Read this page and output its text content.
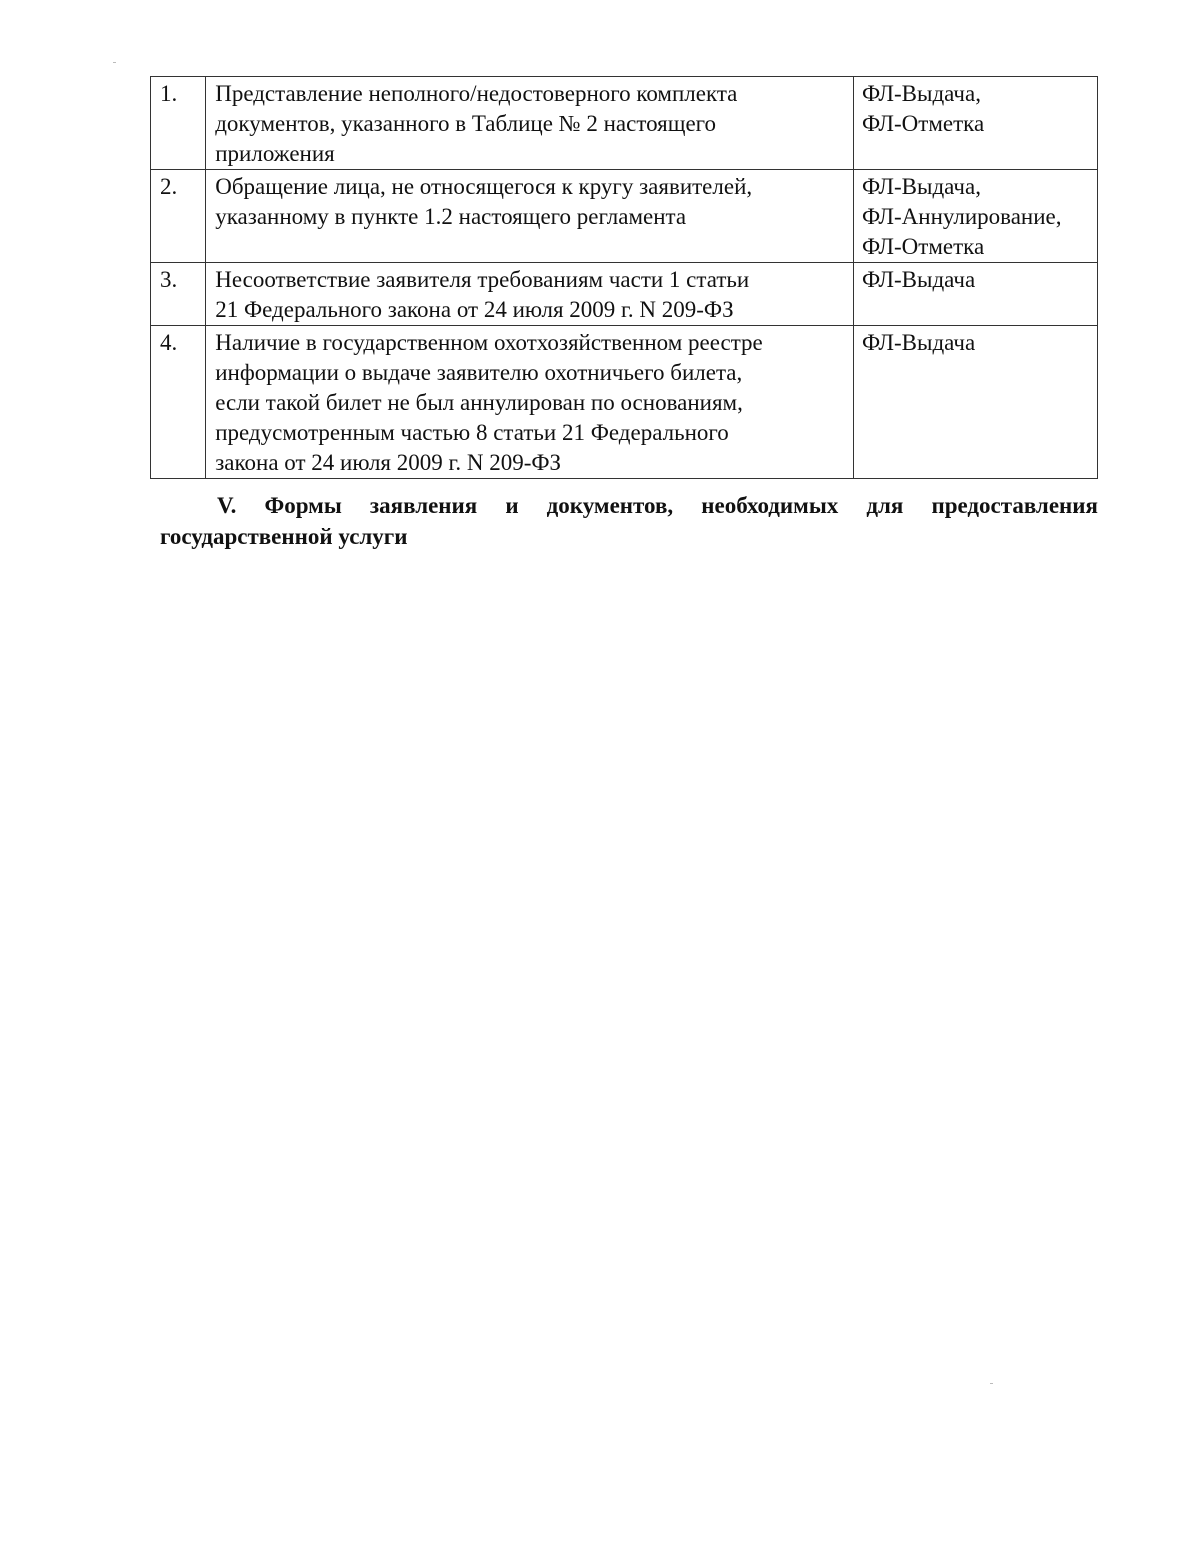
1.	Представление неполного/недостоверного комплекта
документов, указанного в Таблице № 2 настоящего
приложения	ФЛ-Выдача,
ФЛ-Отметка

2.	Обращение лица, не относящегося к кругу заявителей,
указанному в пункте 1.2 настоящего регламента	ФЛ-Выдача,
ФЛ-Аннулирование,
ФЛ-Отметка

3.	Несоответствие заявителя требованиям части 1 статьи
21 Федерального закона от 24 июля 2009 г. N 209-ФЗ	ФЛ-Выдача

4.	Наличие в государственном охотхозяйственном реестре
информации о выдаче заявителю охотничьего билета,
если такой билет не был аннулирован по основаниям,
предусмотренным частью 8 статьи 21 Федерального
закона от 24 июля 2009 г. N 209-ФЗ	ФЛ-Выдача
V. Формы заявления и документов, необходимых для предоставления
государственной услуги
